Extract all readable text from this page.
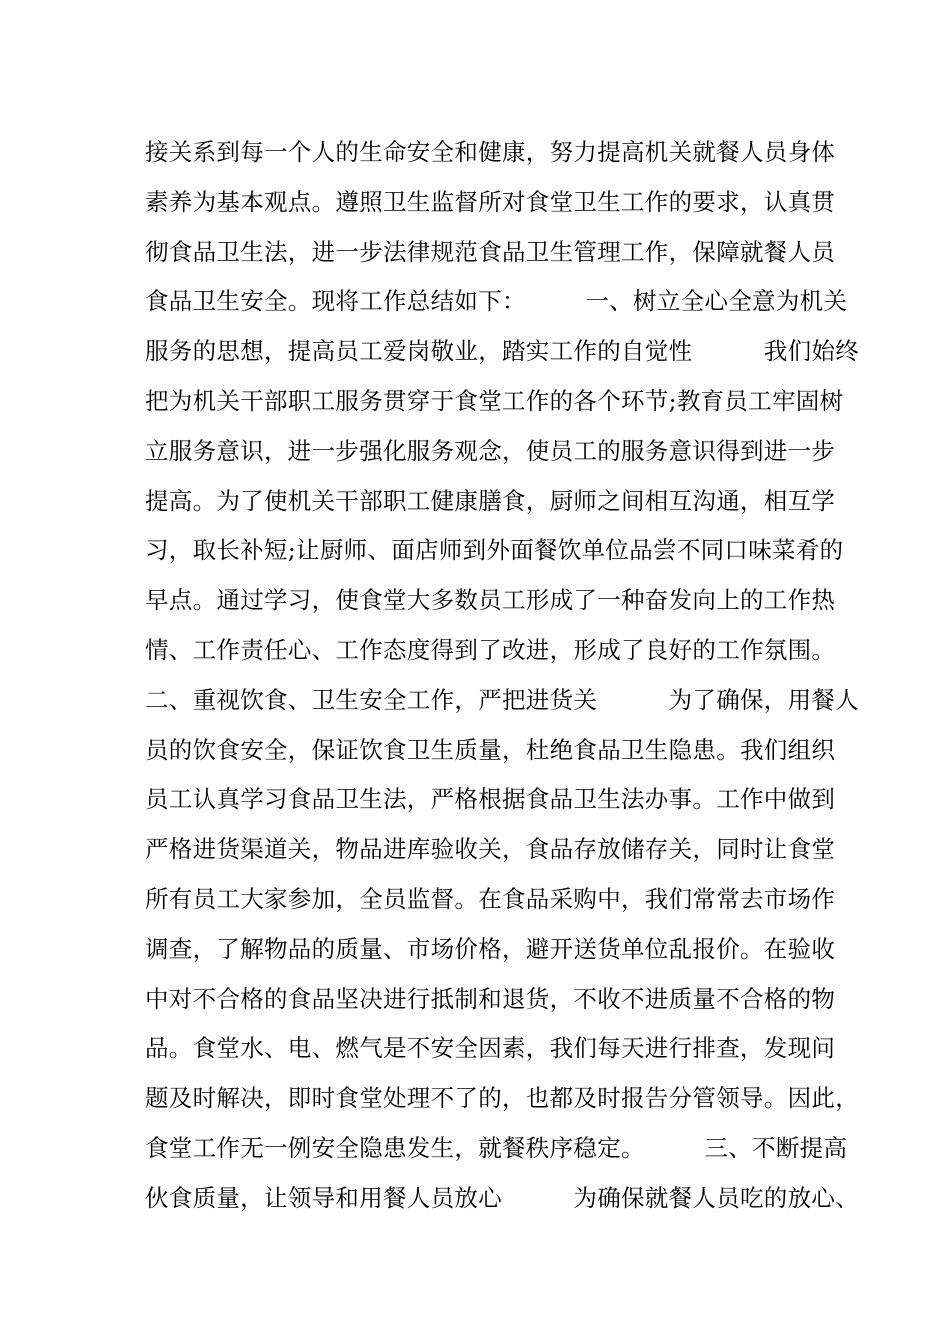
接关系到每一个人的生命安全和健康，努力提高机关就餐人员身体
素养为基本观点。遵照卫生监督所对食堂卫生工作的要求，认真贯
彻食品卫生法，进一步法律规范食品卫生管理工作，保障就餐人员
食品卫生安全。现将工作总结如下：　　　一、树立全心全意为机关
服务的思想，提高员工爱岗敬业，踏实工作的自觉性　　　我们始终
把为机关干部职工服务贯穿于食堂工作的各个环节;教育员工牢固树
立服务意识，进一步强化服务观念，使员工的服务意识得到进一步
提高。为了使机关干部职工健康膳食，厨师之间相互沟通，相互学
习，取长补短;让厨师、面店师到外面餐饮单位品尝不同口味菜肴的
早点。通过学习，使食堂大多数员工形成了一种奋发向上的工作热
情、工作责任心、工作态度得到了改进，形成了良好的工作氛围。
二、重视饮食、卫生安全工作，严把进货关　　　为了确保，用餐人
员的饮食安全，保证饮食卫生质量，杜绝食品卫生隐患。我们组织
员工认真学习食品卫生法，严格根据食品卫生法办事。工作中做到
严格进货渠道关，物品进库验收关，食品存放储存关，同时让食堂
所有员工大家参加，全员监督。在食品采购中，我们常常去市场作
调查，了解物品的质量、市场价格，避开送货单位乱报价。在验收
中对不合格的食品坚决进行抵制和退货，不收不进质量不合格的物
品。食堂水、电、燃气是不安全因素，我们每天进行排查，发现问
题及时解决，即时食堂处理不了的，也都及时报告分管领导。因此，
食堂工作无一例安全隐患发生，就餐秩序稳定。　　　三、不断提高
伙食质量，让领导和用餐人员放心　　　为确保就餐人员吃的放心、
